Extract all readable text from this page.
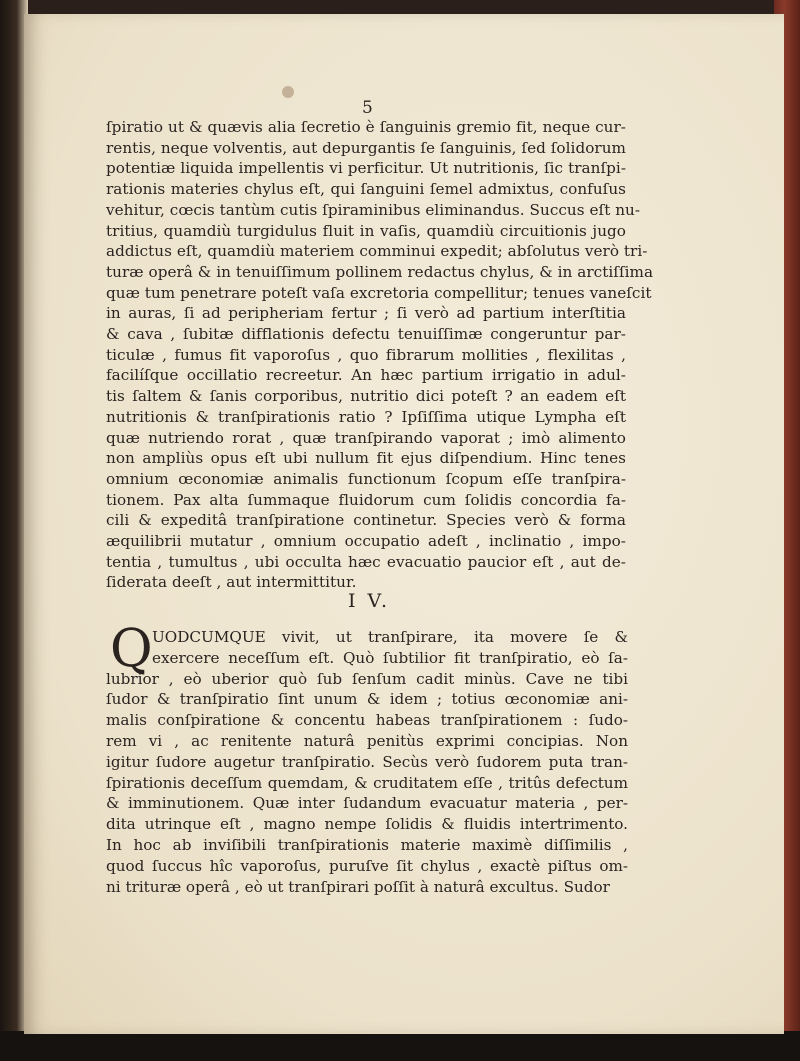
5
ſpiratio ut & quævis alia ſecretio è ſanguinis gremio fit, neque cur-
rentis, neque volventis, aut depurgantis ſe ſanguinis, ſed ſolidorum
potentiæ liquida impellentis vi perficitur. Ut nutritionis, ſic tranſpi-
rationis materies chylus eſt, qui ſanguini ſemel admixtus, confuſus
vehitur, cœcis tantùm cutis ſpiraminibus eliminandus. Succus eſt nu-
tritius, quamdiù turgidulus fluit in vaſis, quamdiù circuitionis jugo
addictus eſt, quamdiù materiem comminui expedit; abſolutus verò tri-
turæ operâ & in tenuiſſimum pollinem redactus chylus, & in arctiſſima
quæ tum penetrare poteſt vaſa excretoria compellitur; tenues vaneſcit
in auras, ſi ad peripheriam fertur ; ſi verò ad partium interſtitia
& cava , ſubitæ difflationis defectu tenuiſſimæ congeruntur par-
ticulæ , fumus fit vaporoſus , quo fibrarum mollities , flexilitas ,
facilíſque occillatio recreetur. An hæc partium irrigatio in adul-
tis ſaltem & ſanis corporibus, nutritio dici poteſt ? an eadem eſt
nutritionis & tranſpirationis ratio ? Ipſiſſima utique Lympha eſt
quæ nutriendo rorat , quæ tranſpirando vaporat ; imò alimento
non ampliùs opus eſt ubi nullum fit ejus diſpendium. Hinc tenes
omnium œconomiæ animalis functionum ſcopum eſſe tranſpira-
tionem. Pax alta ſummaque fluidorum cum ſolidis concordia fa-
cili & expeditâ tranſpiratione continetur. Species verò & forma
æquilibrii mutatur , omnium occupatio adeſt , inclinatio , impo-
tentia , tumultus , ubi occulta hæc evacuatio paucior eſt , aut de-
ſiderata deeſt , aut intermittitur.
I V.
Q UODCUMQUE vivit, ut tranſpirare, ita movere ſe &
exercere neceſſum eſt. Quò ſubtilior fit tranſpiratio, eò ſa-
lubrior , eò uberior quò ſub ſenſum cadit minùs. Cave ne tibi
ſudor & tranſpiratio ſint unum & idem ; totius œconomiæ ani-
malis conſpiratione & concentu habeas tranſpirationem : ſudo-
rem vi , ac renitente naturâ penitùs exprimi concipias. Non
igitur ſudore augetur tranſpiratio. Secùs verò ſudorem puta tran-
ſpirationis deceſſum quemdam, & cruditatem eſſe , tritûs defectum
& imminutionem. Quæ inter ſudandum evacuatur materia , per-
dita utrinque eſt , magno nempe ſolidis & fluidis intertrimento.
In hoc ab inviſibili tranſpirationis materie maximè diſſimilis ,
quod ſuccus hîc vaporoſus, puruſve ſit chylus , exactè piſtus om-
ni trituræ operâ , eò ut tranſpirari poſſit à naturâ excultus. Sudor
